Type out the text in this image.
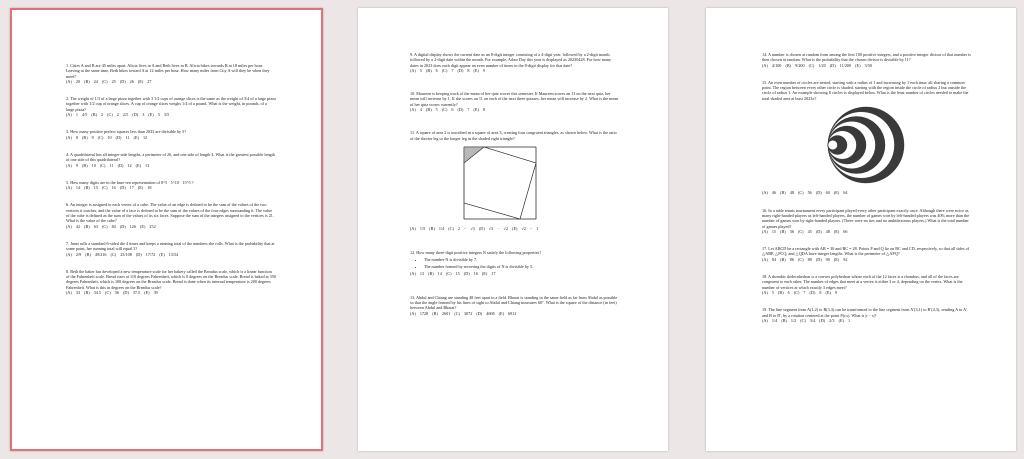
1. Cities A and B are 45 miles apart. Alicia lives in A and Beth lives in B. Alicia bikes towards B at 18 miles per hour. Leaving at the same time, Beth bikes toward A at 12 miles per hour. How many miles from City A will they be when they meet?

(A) 20 (B) 24 (C) 25 (D) 26 (E) 27

2. The weight of 1/3 of a large pizza together with 3 1/2 cups of orange slices is the same as the weight of 3/4 of a large pizza together with 1/2 cup of orange slices. A cup of orange slices weighs 1/4 of a pound. What is the weight, in pounds, of a large pizza?

(A) 1 4/5 (B) 2 (C) 2 2/5 (D) 3 (E) 3 3/5

3. How many positive perfect squares less than 2023 are divisible by 5?

(A) 8 (B) 9 (C) 10 (D) 11 (E) 12

4. A quadrilateral has all integer side lengths, a perimeter of 26, and one side of length 4. What is the greatest possible length of one side of this quadrilateral?

(A) 9 (B) 10 (C) 11 (D) 12 (E) 13

5. How many digits are in the base-ten representation of 8^5 · 5^10 · 15^5 ?

(A) 14 (B) 15 (C) 16 (D) 17 (E) 18

6. An integer is assigned to each vertex of a cube. The value of an edge is defined to be the sum of the values of the two vertices it touches, and the value of a face is defined to be the sum of the values of the four edges surrounding it. The value of the cube is defined as the sum of the values of its six faces. Suppose the sum of the integers assigned to the vertices is 21. What is the value of the cube?

(A) 42 (B) 63 (C) 84 (D) 126 (E) 252

7. Janet rolls a standard 6-sided die 4 times and keeps a running total of the numbers she rolls. What is the probability that at some point, her running total will equal 3?

(A) 2/9 (B) 49/216 (C) 25/108 (D) 17/72 (E) 13/54

8. Beth the baker has developed a new temperature scale for her bakery called the Breadus scale, which is a linear function of the Fahrenheit scale. Bread rises at 110 degrees Fahrenheit, which is 0 degrees on the Breadus scale. Bread is baked at 350 degrees Fahrenheit, which is 100 degrees on the Breadus scale. Bread is done when its internal temperature is 200 degrees Fahrenheit. What is this in degrees on the Breadus scale?

(A) 33 (B) 34.5 (C) 36 (D) 37.5 (E) 39

9. A digital display shows the current date as an 8-digit integer consisting of a 4-digit year, followed by a 2-digit month, followed by a 2-digit date within the month. For example, Arbor Day this year is displayed as 20230428. For how many dates in 2023 does each digit appear an even number of times in the 8-digit display for that date?

(A) 5 (B) 6 (C) 7 (D) 8 (E) 9

10. Maureen is keeping track of the mean of her quiz scores this semester. If Maureen scores an 11 on the next quiz, her mean will increase by 1. If she scores an 11 on each of the next three quizzes, her mean will increase by 2. What is the mean of her quiz scores currently?

(A) 4 (B) 5 (C) 6 (D) 7 (E) 8

11. A square of area 2 is inscribed in a square of area 3, creating four congruent triangles, as shown below. What is the ratio of the shorter leg to the longer leg in the shaded right triangle?

(A) 1/5 (B) 1/4 (C) 2 − √3 (D) √3 − √2 (E) √2 − 1

12. How many three-digit positive integers N satisfy the following properties?

• The number N is divisible by 7.
• The number formed by reversing the digits of N is divisible by 5.

(A) 13 (B) 14 (C) 15 (D) 16 (E) 17

13. Abdul and Chiang are standing 48 feet apart in a field. Bharat is standing in the same field as far from Abdul as possible so that the angle formed by his lines of sight to Abdul and Chiang measures 60°. What is the square of the distance (in feet) between Abdul and Bharat?

(A) 1728 (B) 2601 (C) 3072 (D) 4608 (E) 6912

14. A number is chosen at random from among the first 100 positive integers, and a positive integer divisor of that number is then chosen at random. What is the probability that the chosen divisor is divisible by 11?

(A) 4/100 (B) 9/200 (C) 1/20 (D) 11/200 (E) 3/50

15. An even number of circles are nested, starting with a radius of 1 and increasing by 1 each time, all sharing a common point. The region between every other circle is shaded, starting with the region inside the circle of radius 2 but outside the circle of radius 1. An example showing 8 circles is displayed below. What is the least number of circles needed to make the total shaded area at least 2023π?

(A) 46 (B) 48 (C) 56 (D) 60 (E) 64

16. In a table tennis tournament every participant played every other participant exactly once. Although there were twice as many right-handed players as left-handed players, the number of games won by left-handed players was 40% more than the number of games won by right-handed players. (There were no ties and no ambidextrous players.) What is the total number of games played?

(A) 15 (B) 36 (C) 45 (D) 48 (E) 66

17. Let ABCD be a rectangle with AB = 30 and BC = 28. Points P and Q lie on BC and CD, respectively, so that all sides of △ABP, △PCQ, and △QDA have integer lengths. What is the perimeter of △APQ?

(A) 84 (B) 86 (C) 88 (D) 90 (E) 92

18. A rhombic dodecahedron is a convex polyhedron whose each of the 12 faces is a rhombus, and all of the faces are congruent to each other. The number of edges that meet at a vertex is either 3 or 4, depending on the vertex. What is the number of vertices at which exactly 3 edges meet?

(A) 5 (B) 6 (C) 7 (D) 8 (E) 9

19. The line segment from A(1,2) to B(3,3) can be transformed to the line segment from A′(3,1) to B′(4,3), sending A to A′ and B to B′, by a rotation centered at the point P(r,s). What is |r − s|?

(A) 1/4 (B) 1/2 (C) 3/4 (D) 2/3 (E) 1
